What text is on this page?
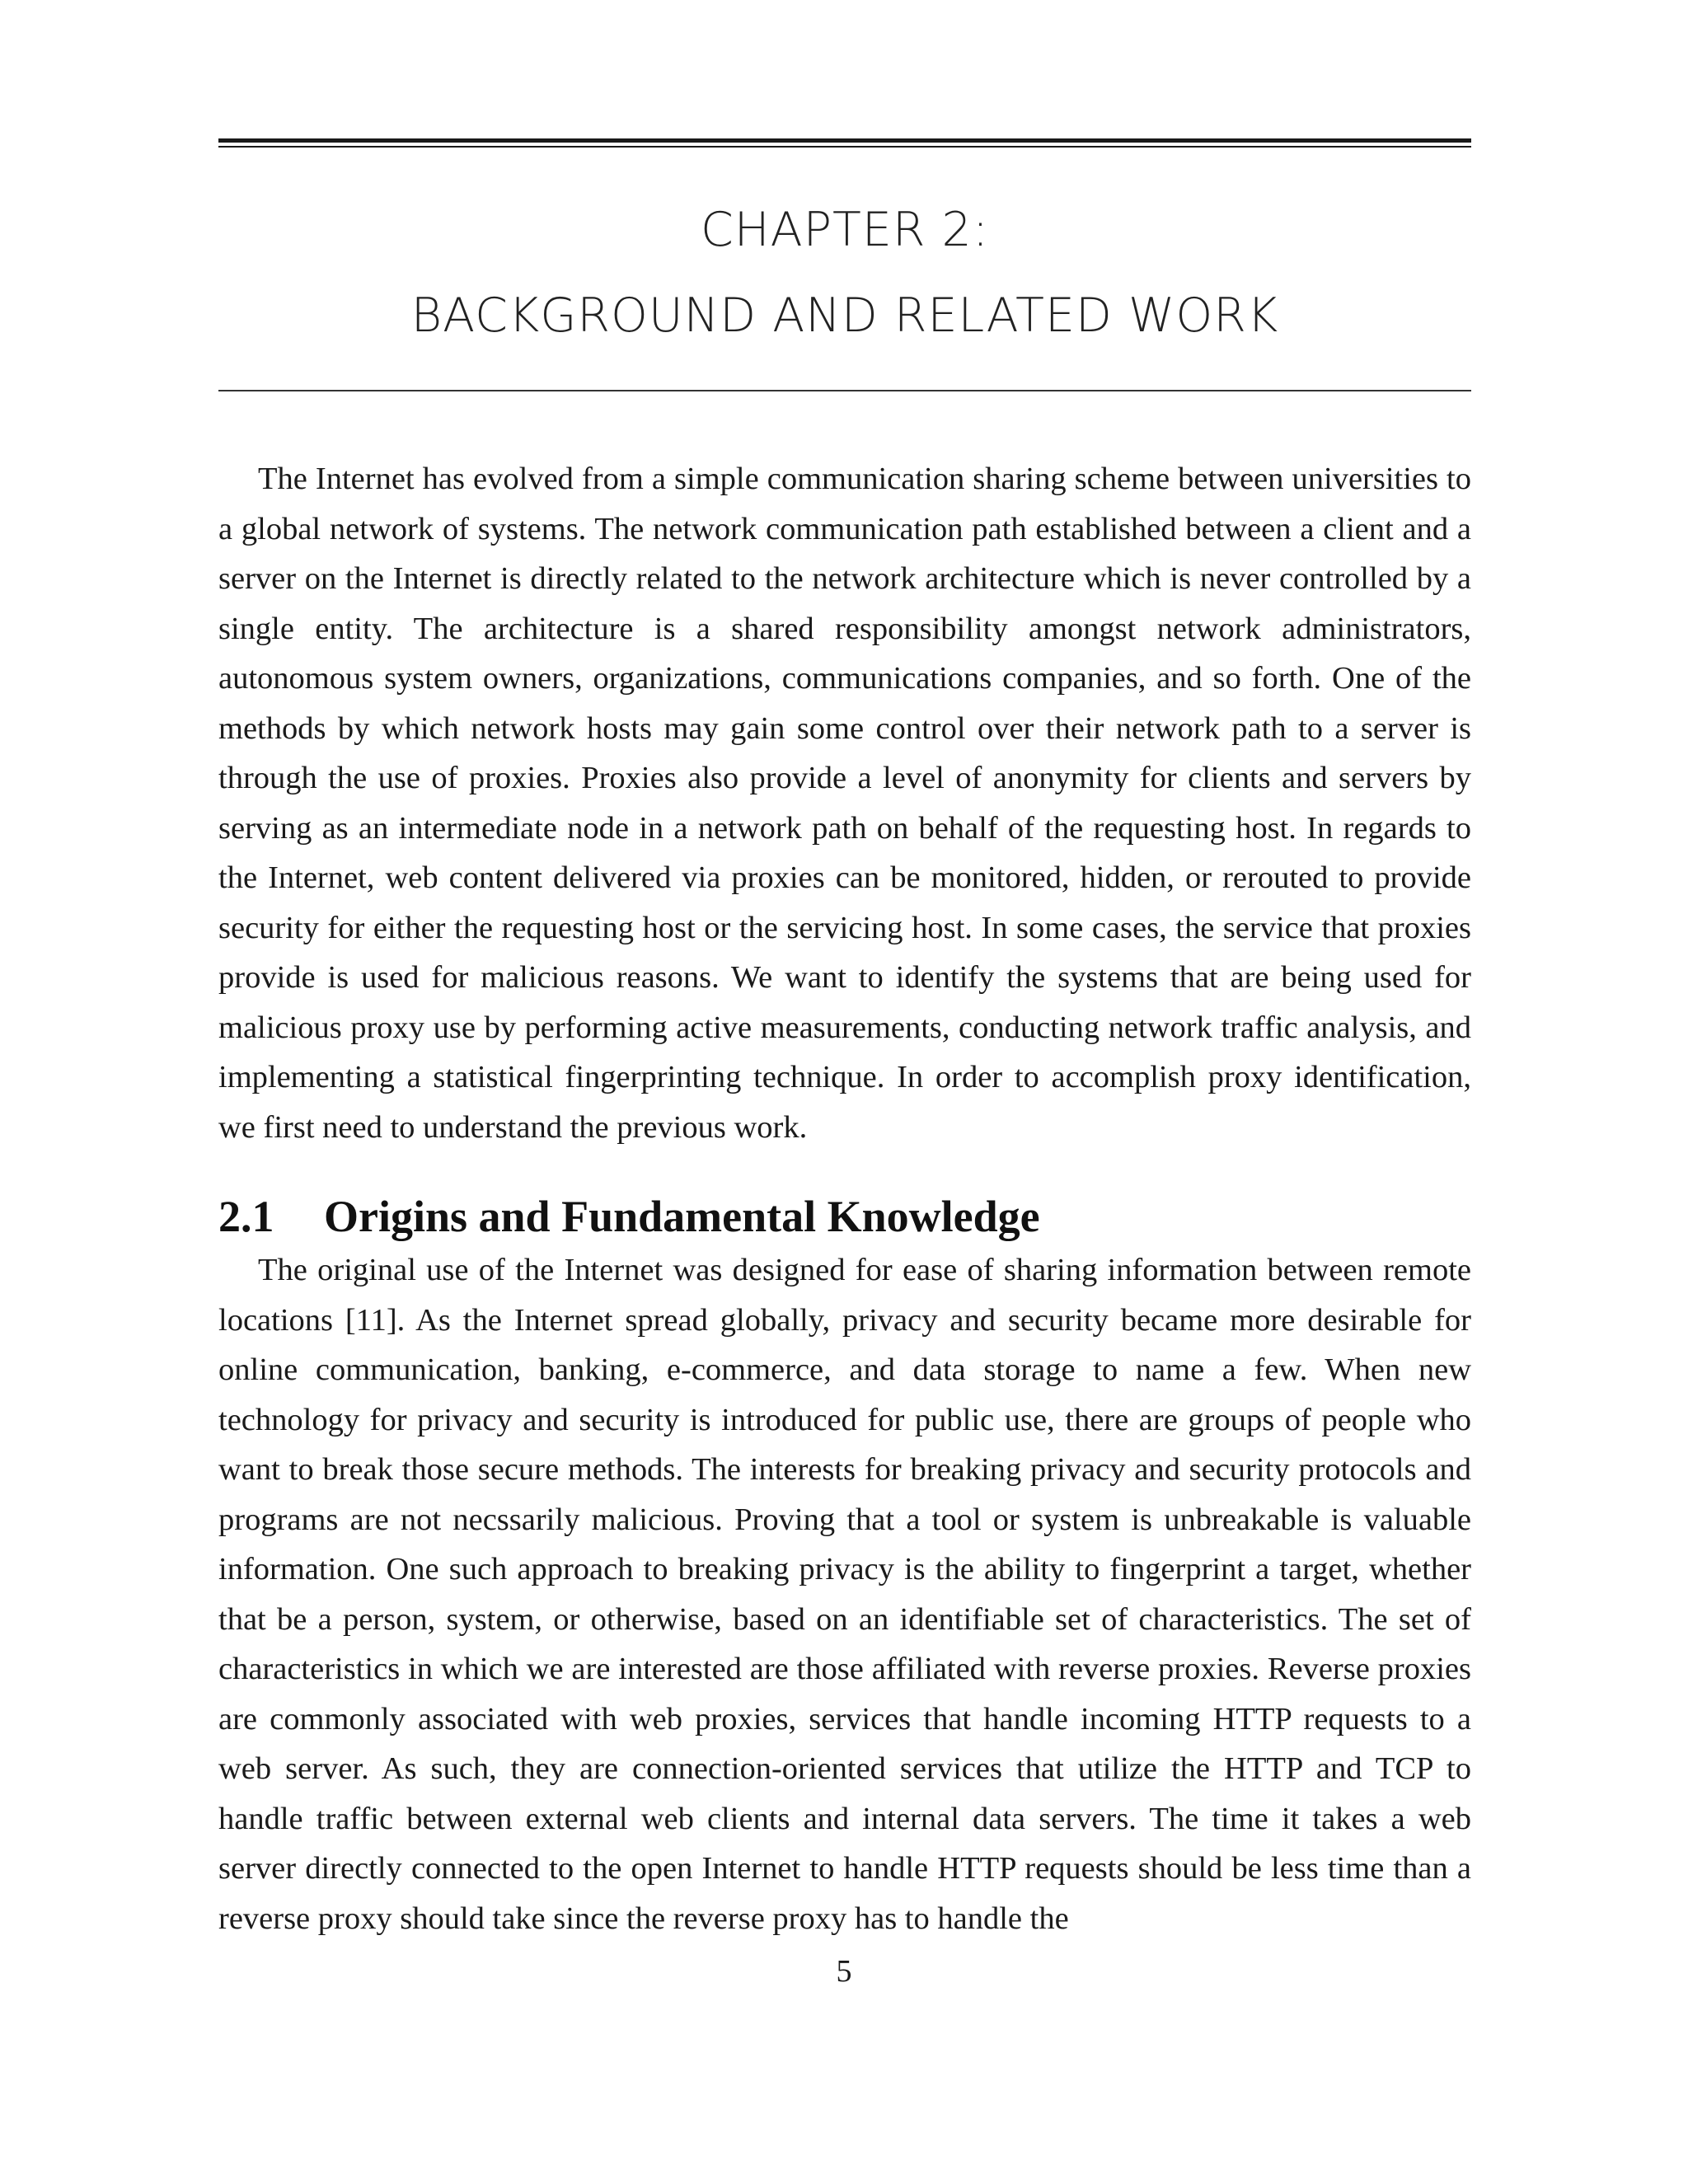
CHAPTER 2:
BACKGROUND AND RELATED WORK

The Internet has evolved from a simple communication sharing scheme between universities to a global network of systems. The network communication path established between a client and a server on the Internet is directly related to the network architecture which is never controlled by a single entity. The architecture is a shared responsibility amongst network administrators, autonomous system owners, organizations, communications companies, and so forth. One of the methods by which network hosts may gain some control over their network path to a server is through the use of proxies. Proxies also provide a level of anonymity for clients and servers by serving as an intermediate node in a network path on behalf of the requesting host. In regards to the Internet, web content delivered via proxies can be monitored, hidden, or rerouted to provide security for either the requesting host or the servicing host. In some cases, the service that proxies provide is used for malicious reasons. We want to identify the systems that are being used for malicious proxy use by performing active measurements, conducting network traffic analysis, and implementing a statistical fingerprinting technique. In order to accomplish proxy identification, we first need to understand the previous work.

2.1 Origins and Fundamental Knowledge

The original use of the Internet was designed for ease of sharing information between remote locations [11]. As the Internet spread globally, privacy and security became more desirable for online communication, banking, e-commerce, and data storage to name a few. When new technology for privacy and security is introduced for public use, there are groups of people who want to break those secure methods. The interests for breaking privacy and security protocols and programs are not necssarily malicious. Proving that a tool or system is unbreakable is valuable information. One such approach to breaking privacy is the ability to fingerprint a target, whether that be a person, system, or otherwise, based on an identifiable set of characteristics. The set of characteristics in which we are interested are those affiliated with reverse proxies. Reverse proxies are commonly associated with web proxies, services that handle incoming HTTP requests to a web server. As such, they are connection-oriented services that utilize the HTTP and TCP to handle traffic between external web clients and internal data servers. The time it takes a web server directly connected to the open Internet to handle HTTP requests should be less time than a reverse proxy should take since the reverse proxy has to handle the

5
